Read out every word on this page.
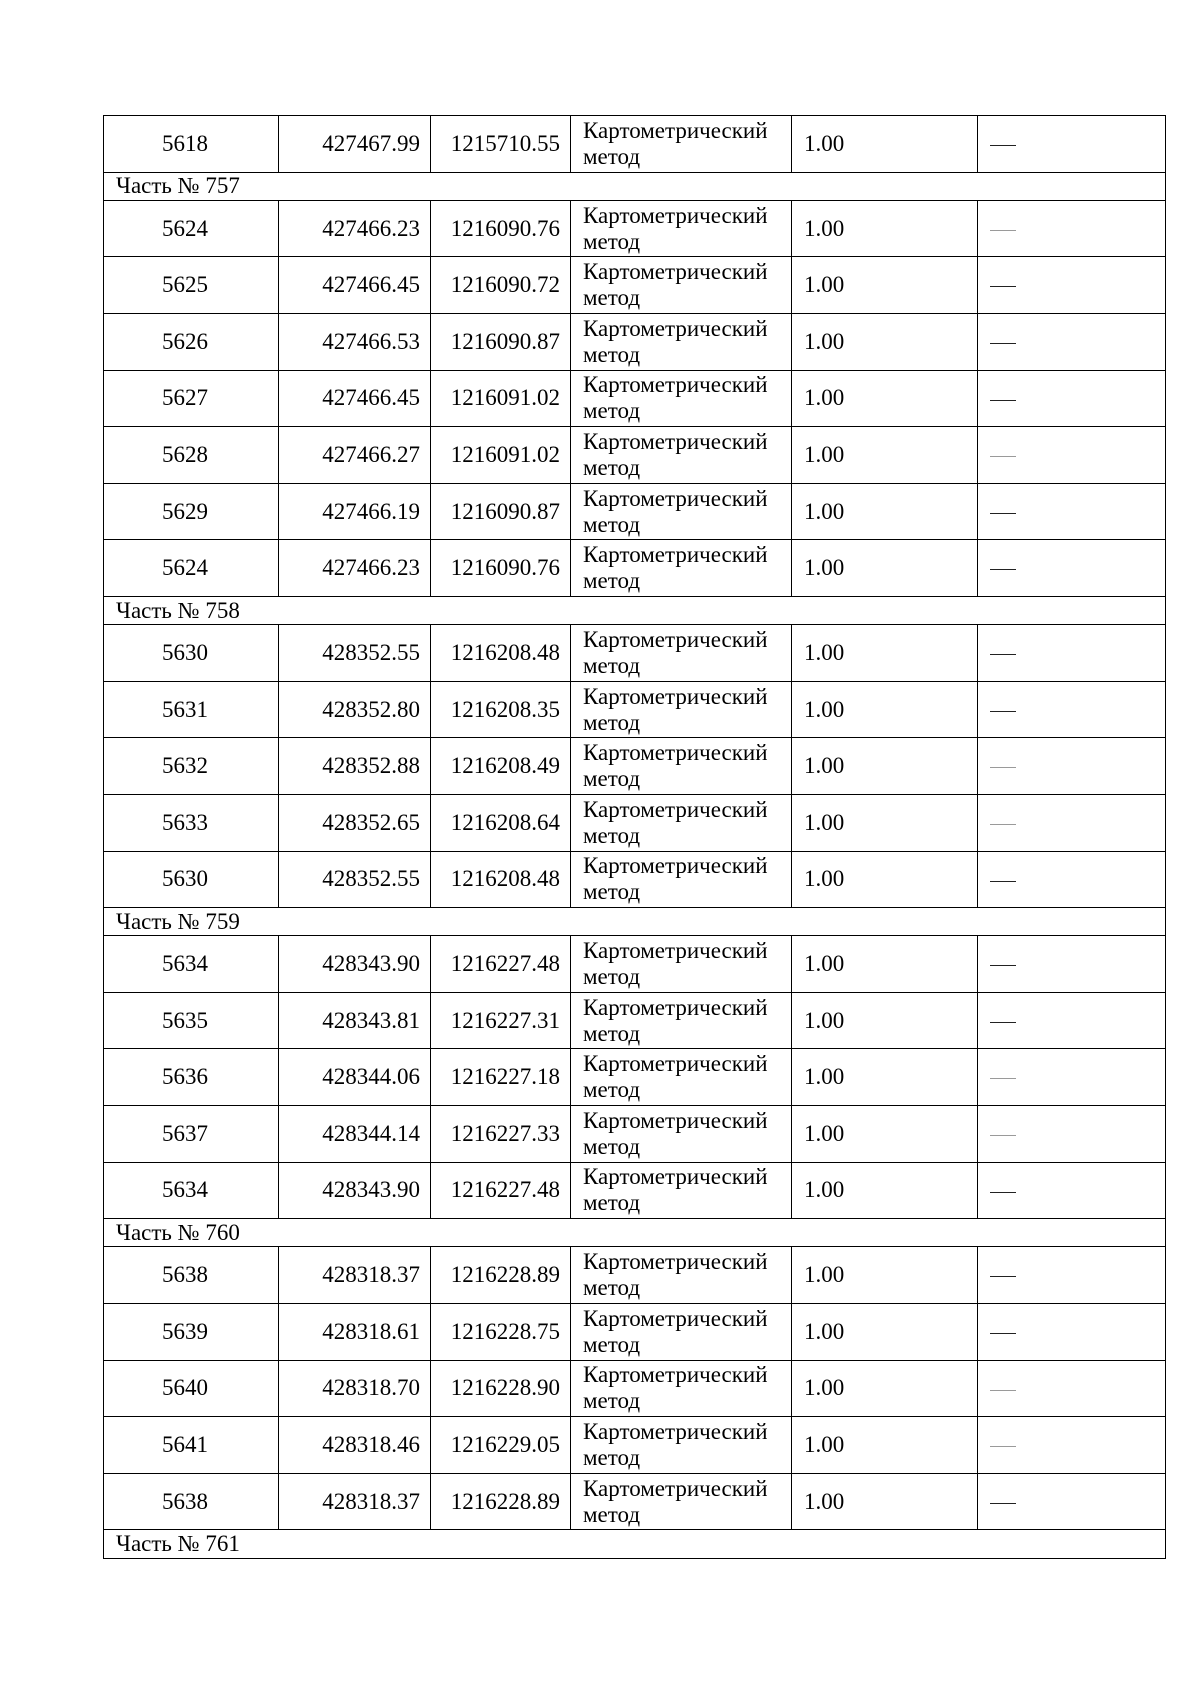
5618	427467.99	1215710.55	Картометрический метод	1.00	
Часть № 757					
5624	427466.23	1216090.76	Картометрический метод	1.00	
5625	427466.45	1216090.72	Картометрический метод	1.00	
5626	427466.53	1216090.87	Картометрический метод	1.00	
5627	427466.45	1216091.02	Картометрический метод	1.00	
5628	427466.27	1216091.02	Картометрический метод	1.00	
5629	427466.19	1216090.87	Картометрический метод	1.00	
5624	427466.23	1216090.76	Картометрический метод	1.00	
Часть № 758					
5630	428352.55	1216208.48	Картометрический метод	1.00	
5631	428352.80	1216208.35	Картометрический метод	1.00	
5632	428352.88	1216208.49	Картометрический метод	1.00	
5633	428352.65	1216208.64	Картометрический метод	1.00	
5630	428352.55	1216208.48	Картометрический метод	1.00	
Часть № 759					
5634	428343.90	1216227.48	Картометрический метод	1.00	
5635	428343.81	1216227.31	Картометрический метод	1.00	
5636	428344.06	1216227.18	Картометрический метод	1.00	
5637	428344.14	1216227.33	Картометрический метод	1.00	
5634	428343.90	1216227.48	Картометрический метод	1.00	
Часть № 760					
5638	428318.37	1216228.89	Картометрический метод	1.00	
5639	428318.61	1216228.75	Картометрический метод	1.00	
5640	428318.70	1216228.90	Картометрический метод	1.00	
5641	428318.46	1216229.05	Картометрический метод	1.00	
5638	428318.37	1216228.89	Картометрический метод	1.00	
Часть № 761					
